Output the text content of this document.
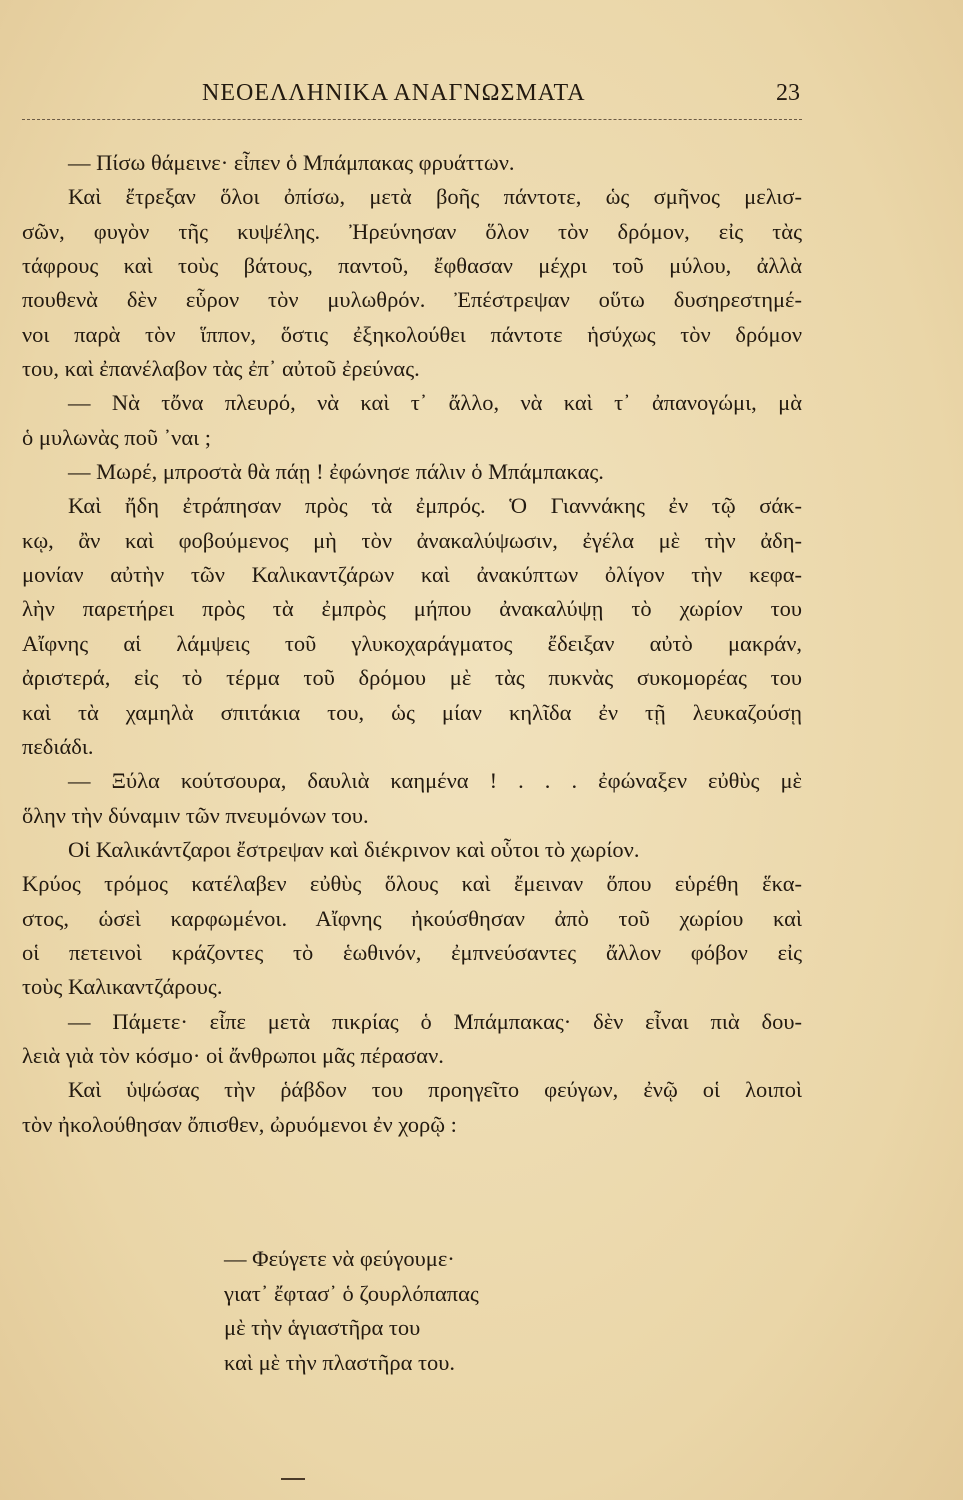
ΝΕΟΕΛΛΗΝΙΚΑ ΑΝΑΓΝΩΣΜΑΤΑ	23
— Πίσω θάμεινε· εἶπεν ὁ Μπάμπακας φρυάττων.
Καὶ ἔτρεξαν ὅλοι ὀπίσω, μετὰ βοῆς πάντοτε, ὡς σμῆνος μελισ-
σῶν, φυγὸν τῆς κυψέλης. Ἠρεύνησαν ὅλον τὸν δρόμον, εἰς τὰς
τάφρους καὶ τοὺς βάτους, παντοῦ, ἔφθασαν μέχρι τοῦ μύλου, ἀλλὰ
πουθενὰ δὲν εὗρον τὸν μυλωθρόν. Ἐπέστρεψαν οὕτω δυσηρεστημέ-
νοι παρὰ τὸν ἵππον, ὅστις ἐξηκολούθει πάντοτε ἡσύχως τὸν δρόμον
του, καὶ ἐπανέλαβον τὰς ἐπ᾽ αὐτοῦ ἐρεύνας.
— Νὰ τὄνα πλευρό, νὰ καὶ τ᾽ ἄλλο, νὰ καὶ τ᾽ ἀπανογώμι, μὰ
ὁ μυλωνὰς ποῦ ᾽ναι ;
— Μωρέ, μπροστὰ θὰ πάῃ ! ἐφώνησε πάλιν ὁ Μπάμπακας.
Καὶ ἤδη ἐτράπησαν πρὸς τὰ ἐμπρός. Ὁ Γιαννάκης ἐν τῷ σάκ-
κῳ, ἂν καὶ φοβούμενος μὴ τὸν ἀνακαλύψωσιν, ἐγέλα μὲ τὴν ἀδη-
μονίαν αὐτὴν τῶν Καλικαντζάρων καὶ ἀνακύπτων ὀλίγον τὴν κεφα-
λὴν παρετήρει πρὸς τὰ ἐμπρὸς μήπου ἀνακαλύψῃ τὸ χωρίον του
Αἴφνης αἱ λάμψεις τοῦ γλυκοχαράγματος ἔδειξαν αὐτὸ μακράν,
ἀριστερά, εἰς τὸ τέρμα τοῦ δρόμου μὲ τὰς πυκνὰς συκομορέας του
καὶ τὰ χαμηλὰ σπιτάκια του, ὡς μίαν κηλῖδα ἐν τῇ λευκαζούσῃ
πεδιάδι.
— Ξύλα κούτσουρα, δαυλιὰ καημένα ! . . . ἐφώναξεν εὐθὺς μὲ
ὅλην τὴν δύναμιν τῶν πνευμόνων του.
Οἱ Καλικάντζαροι ἔστρεψαν καὶ διέκρινον καὶ οὗτοι τὸ χωρίον.
Κρύος τρόμος κατέλαβεν εὐθὺς ὅλους καὶ ἔμειναν ὅπου εὑρέθη ἕκα-
στος, ὡσεὶ καρφωμένοι. Αἴφνης ἠκούσθησαν ἀπὸ τοῦ χωρίου καὶ
οἱ πετεινοὶ κράζοντες τὸ ἑωθινόν, ἐμπνεύσαντες ἄλλον φόβον εἰς
τοὺς Καλικαντζάρους.
— Πάμετε· εἶπε μετὰ πικρίας ὁ Μπάμπακας· δὲν εἶναι πιὰ δου-
λειὰ γιὰ τὸν κόσμο· οἱ ἄνθρωποι μᾶς πέρασαν.
Καὶ ὑψώσας τὴν ῥάβδον του προηγεῖτο φεύγων, ἐνῷ οἱ λοιποὶ
τὸν ἠκολούθησαν ὄπισθεν, ὠρυόμενοι ἐν χορῷ :
— Φεύγετε νὰ φεύγουμε·
γιατ᾽ ἔφτασ᾽ ὁ ζουρλόπαπας
μὲ τὴν ἁγιαστῆρα του
καὶ μὲ τὴν πλαστῆρα του.
